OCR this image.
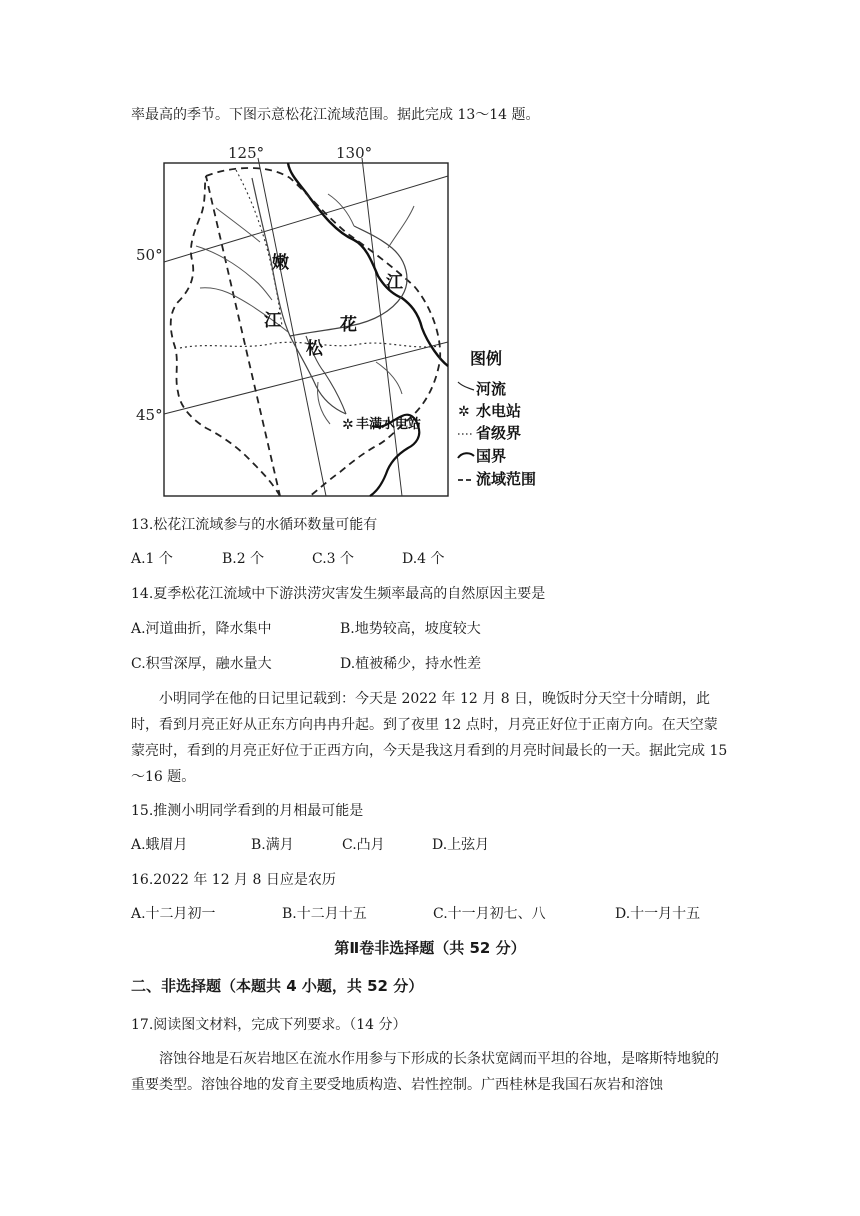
率最高的季节。下图示意松花江流域范围。据此完成 13～14 题。
125°	130°
50°
45°
嫩
江
松
花
江
✲ 丰满水电站
图例
河流
✲ 水电站
省级界
国界
流域范围
13.松花江流域参与的水循环数量可能有
A.1 个	B.2 个	C.3 个	D.4 个
14.夏季松花江流域中下游洪涝灾害发生频率最高的自然原因主要是
A.河道曲折，降水集中	B.地势较高，坡度较大
C.积雪深厚，融水量大	D.植被稀少，持水性差
小明同学在他的日记里记载到：今天是 2022 年 12 月 8 日，晚饭时分天空十分晴朗，此时，看到月亮正好从正东方向冉冉升起。到了夜里 12 点时，月亮正好位于正南方向。在天空蒙蒙亮时，看到的月亮正好位于正西方向，今天是我这月看到的月亮时间最长的一天。据此完成 15～16 题。
15.推测小明同学看到的月相最可能是
A.蛾眉月	B.满月	C.凸月	D.上弦月
16.2022 年 12 月 8 日应是农历
A.十二月初一	B.十二月十五	C.十一月初七、八	D.十一月十五
第Ⅱ卷非选择题（共 52 分）
二、非选择题（本题共 4 小题，共 52 分）
17.阅读图文材料，完成下列要求。（14 分）
溶蚀谷地是石灰岩地区在流水作用参与下形成的长条状宽阔而平坦的谷地，是喀斯特地貌的重要类型。溶蚀谷地的发育主要受地质构造、岩性控制。广西桂林是我国石灰岩和溶蚀
